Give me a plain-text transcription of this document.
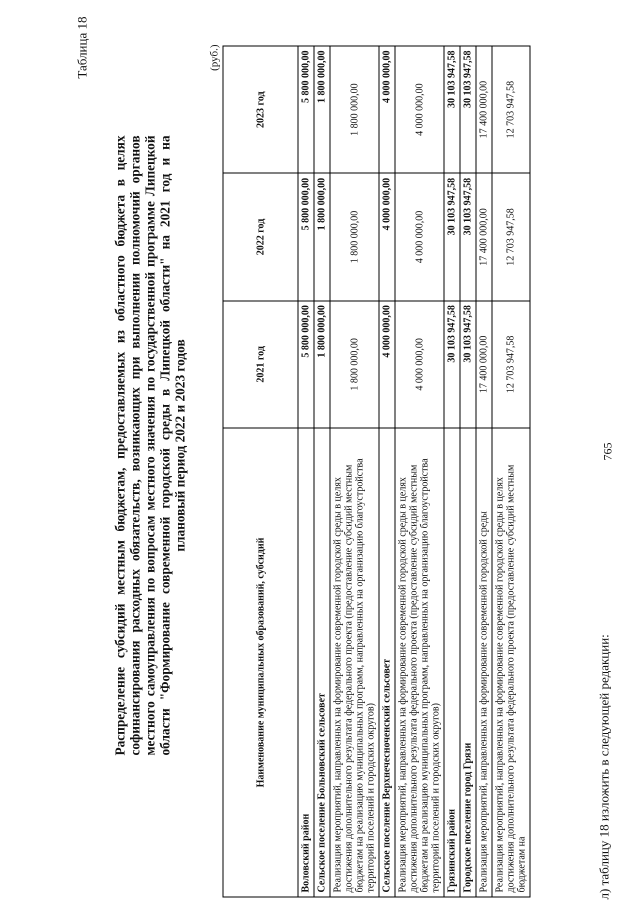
765
л) таблицу 18 изложить в следующей редакции:
Таблица 18
Распределение субсидий местным бюджетам, предоставляемых из областного бюджета в целях софинансирования расходных обязательств, возникающих при выполнении полномочий органов местного самоуправления по вопросам местного значения по государственной программе Липецкой области "Формирование современной городской среды в Липецкой области" на 2021 год и на плановый период 2022 и 2023 годов
(руб.)
Наименование муниципальных образований, субсидий	2021 год	2022 год	2023 год
Воловский район	5 800 000,00	5 800 000,00	5 800 000,00
Сельское поселение Больновский сельсовет	1 800 000,00	1 800 000,00	1 800 000,00
Реализация мероприятий, направленных на формирование современной городской среды в целях достижения дополнительного результата федерального проекта (предоставление субсидий местным бюджетам на реализацию муниципальных программ, направленных на организацию благоустройства территорий поселений и городских округов)	1 800 000,00	1 800 000,00	1 800 000,00
Сельское поселение Верхнечесноченский сельсовет	4 000 000,00	4 000 000,00	4 000 000,00
Реализация мероприятий, направленных на формирование современной городской среды в целях достижения дополнительного результата федерального проекта (предоставление субсидий местным бюджетам на реализацию муниципальных программ, направленных на организацию благоустройства территорий поселений и городских округов)	4 000 000,00	4 000 000,00	4 000 000,00
Грязинский район	30 103 947,58	30 103 947,58	30 103 947,58
Городское поселение город Грязи	30 103 947,58	30 103 947,58	30 103 947,58
Реализация мероприятий, направленных на формирование современной городской среды	17 400 000,00	17 400 000,00	17 400 000,00
Реализация мероприятий, направленных на формирование современной городской среды в целях достижения дополнительного результата федерального проекта (предоставление субсидий местным бюджетам на	12 703 947,58	12 703 947,58	12 703 947,58
